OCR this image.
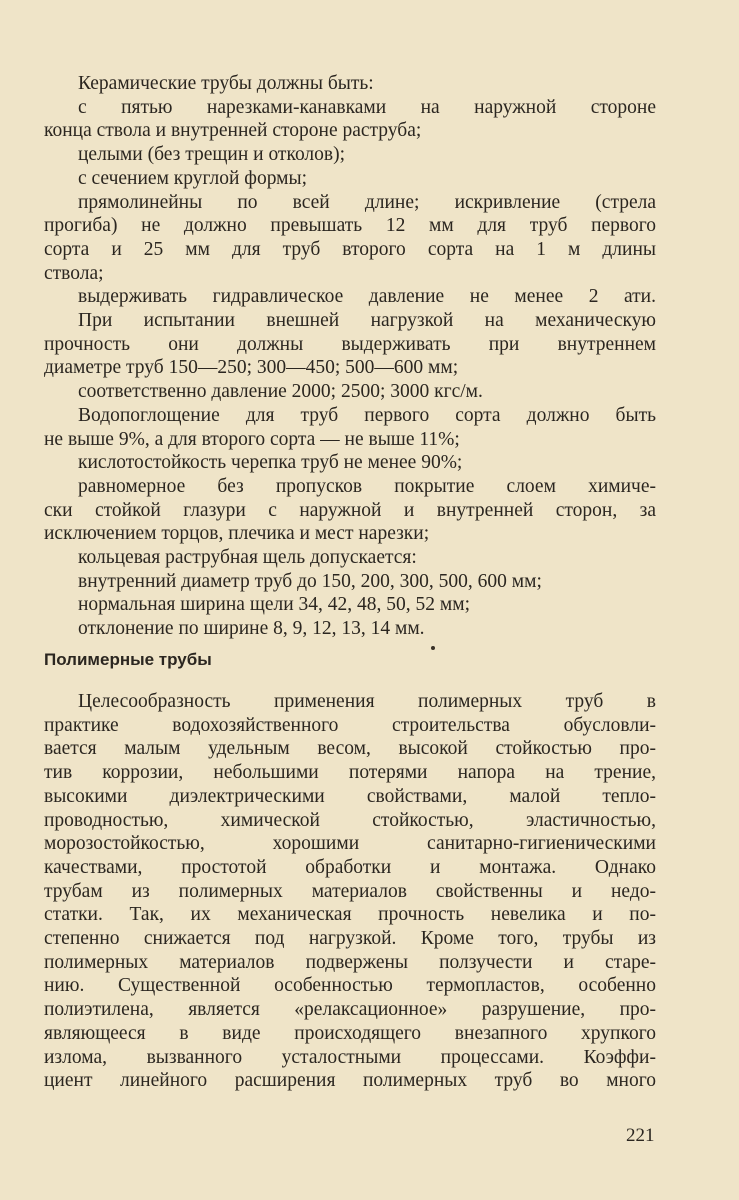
Керамические трубы должны быть:
с пятью нарезками-канавками на наружной стороне
конца ствола и внутренней стороне раструба;
целыми (без трещин и отколов);
с сечением круглой формы;
прямолинейны по всей длине; искривление (стрела
прогиба) не должно превышать 12 мм для труб первого
сорта и 25 мм для труб второго сорта на 1 м длины
ствола;
выдерживать гидравлическое давление не менее 2 ати.
При испытании внешней нагрузкой на механическую
прочность они должны выдерживать при внутреннем
диаметре труб 150—250; 300—450; 500—600 мм;
соответственно давление 2000; 2500; 3000 кгс/м.
Водопоглощение для труб первого сорта должно быть
не выше 9%, а для второго сорта — не выше 11%;
кислотостойкость черепка труб не менее 90%;
равномерное без пропусков покрытие слоем химиче-
ски стойкой глазури с наружной и внутренней сторон, за
исключением торцов, плечика и мест нарезки;
кольцевая раструбная щель допускается:
внутренний диаметр труб до 150, 200, 300, 500, 600 мм;
нормальная ширина щели 34, 42, 48, 50, 52 мм;
отклонение по ширине 8, 9, 12, 13, 14 мм.
Полимерные трубы
Целесообразность применения полимерных труб в
практике водохозяйственного строительства обусловли-
вается малым удельным весом, высокой стойкостью про-
тив коррозии, небольшими потерями напора на трение,
высокими диэлектрическими свойствами, малой тепло-
проводностью, химической стойкостью, эластичностью,
морозостойкостью, хорошими санитарно-гигиеническими
качествами, простотой обработки и монтажа. Однако
трубам из полимерных материалов свойственны и недо-
статки. Так, их механическая прочность невелика и по-
степенно снижается под нагрузкой. Кроме того, трубы из
полимерных материалов подвержены ползучести и старе-
нию. Существенной особенностью термопластов, особенно
полиэтилена, является «релаксационное» разрушение, про-
являющееся в виде происходящего внезапного хрупкого
излома, вызванного усталостными процессами. Коэффи-
циент линейного расширения полимерных труб во много
221
